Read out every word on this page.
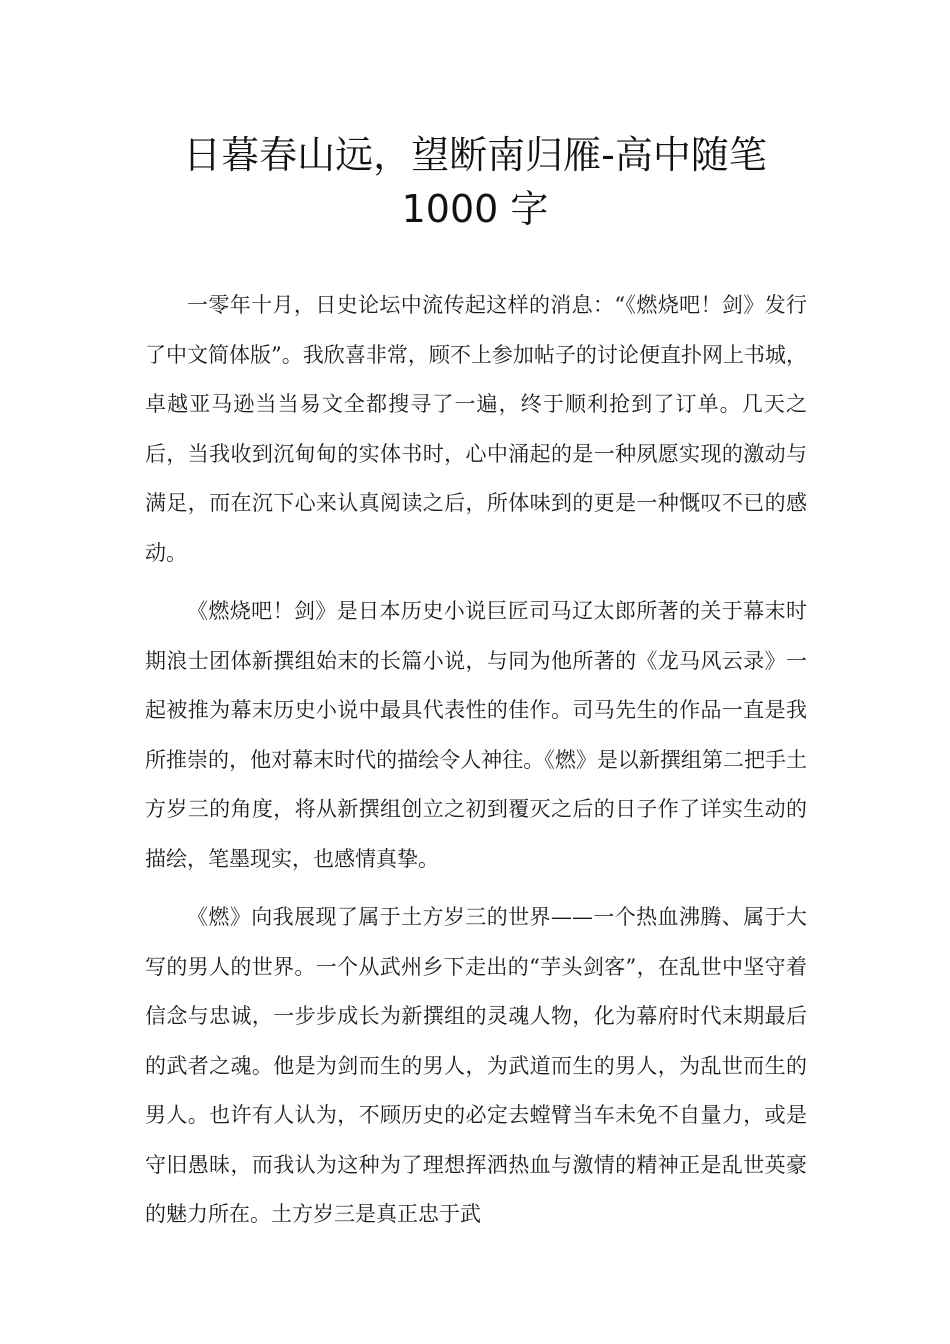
日暮春山远，望断南归雁-高中随笔
1000 字

一零年十月，日史论坛中流传起这样的消息：“《燃烧吧！剑》发行了中文简体版”。我欣喜非常，顾不上参加帖子的讨论便直扑网上书城，卓越亚马逊当当易文全都搜寻了一遍，终于顺利抢到了订单。几天之后，当我收到沉甸甸的实体书时，心中涌起的是一种夙愿实现的激动与满足，而在沉下心来认真阅读之后，所体味到的更是一种慨叹不已的感动。

《燃烧吧！剑》是日本历史小说巨匠司马辽太郎所著的关于幕末时期浪士团体新撰组始末的长篇小说，与同为他所著的《龙马风云录》一起被推为幕末历史小说中最具代表性的佳作。司马先生的作品一直是我所推崇的，他对幕末时代的描绘令人神往。《燃》是以新撰组第二把手土方岁三的角度，将从新撰组创立之初到覆灭之后的日子作了详实生动的描绘，笔墨现实，也感情真挚。

《燃》向我展现了属于土方岁三的世界——一个热血沸腾、属于大写的男人的世界。一个从武州乡下走出的“芋头剑客”，在乱世中坚守着信念与忠诚，一步步成长为新撰组的灵魂人物，化为幕府时代末期最后的武者之魂。他是为剑而生的男人，为武道而生的男人，为乱世而生的男人。也许有人认为，不顾历史的必定去螳臂当车未免不自量力，或是守旧愚昧，而我认为这种为了理想挥洒热血与激情的精神正是乱世英豪的魅力所在。土方岁三是真正忠于武
